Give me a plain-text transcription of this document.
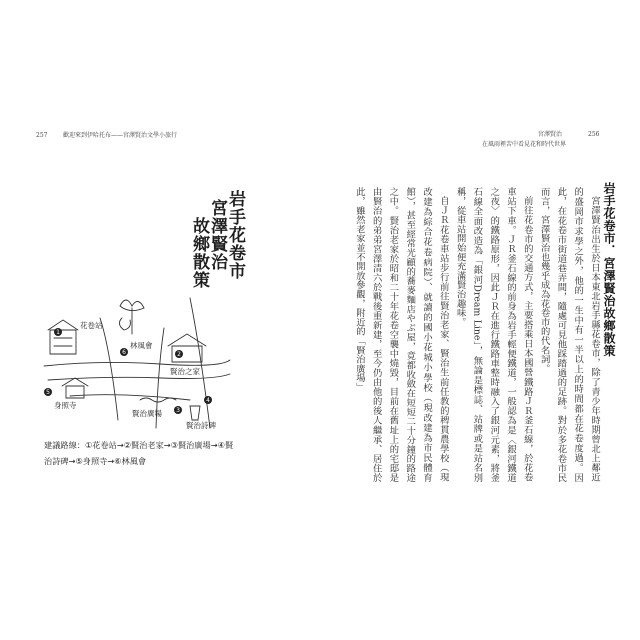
257	歡迎來到伊哈托布——宮澤賢治文學小旅行	宮澤賢治	256
在風雨裡苦中看見花和時代世界
岩手花卷市
宮澤賢治
故鄉散策
1
2
3
4
5
6
花卷站
身照寺
林風會
賢治之家
賢治詩碑
賢治廣場
建議路線：①花卷站→②賢治老家→③賢治廣場→④賢
治詩碑→⑤身照寺→⑥林風會
岩手花卷市．宮澤賢治故鄉散策

宮澤賢治出生於日本東北岩手縣花卷市，除了青少年時期曾北上鄰近的盛岡市求學之外，他的一生中有一半以上的時間都在花卷度過。因此，在花卷市街道巷弄間，隨處可見他踩踏過的足跡。對於多花卷市民而言，宮澤賢治也幾乎成為花卷市的代名詞。

前往花卷市的交通方式，主要搭乘日本國營鐵路ＪＲ釜石線，於花卷車站下車。ＪＲ釜石線的前身為岩手輕便鐵道，一般認為是〈銀河鐵道之夜〉的鐵路原形，因此ＪＲ在進行鐵路車整時融入了銀河元素，將釜石線全面改造為「銀河Dream Line」，無論是標誌、站牌或是站名別稱，從車站開始便充滿賢治趣味。

自ＪＲ花卷車站步行前往賢治老家、賢治生前任教的稗貫農學校（現改建為綜合花卷病院）、就讀的國小花城小學校（現改建為市民體育館），甚至經常光顧的蕎麥麵店やぶ屋，竟都收斂在短短二十分鐘的路途之中。賢治老家於昭和二十年花卷空襲中燒毀，目前在舊址上的宅邸是由賢治的弟弟宮澤清六於戰後重新建，至今仍由他的後人繼承、居住於此，雖然老家並不開放參觀，附近的「賢治廣場」
